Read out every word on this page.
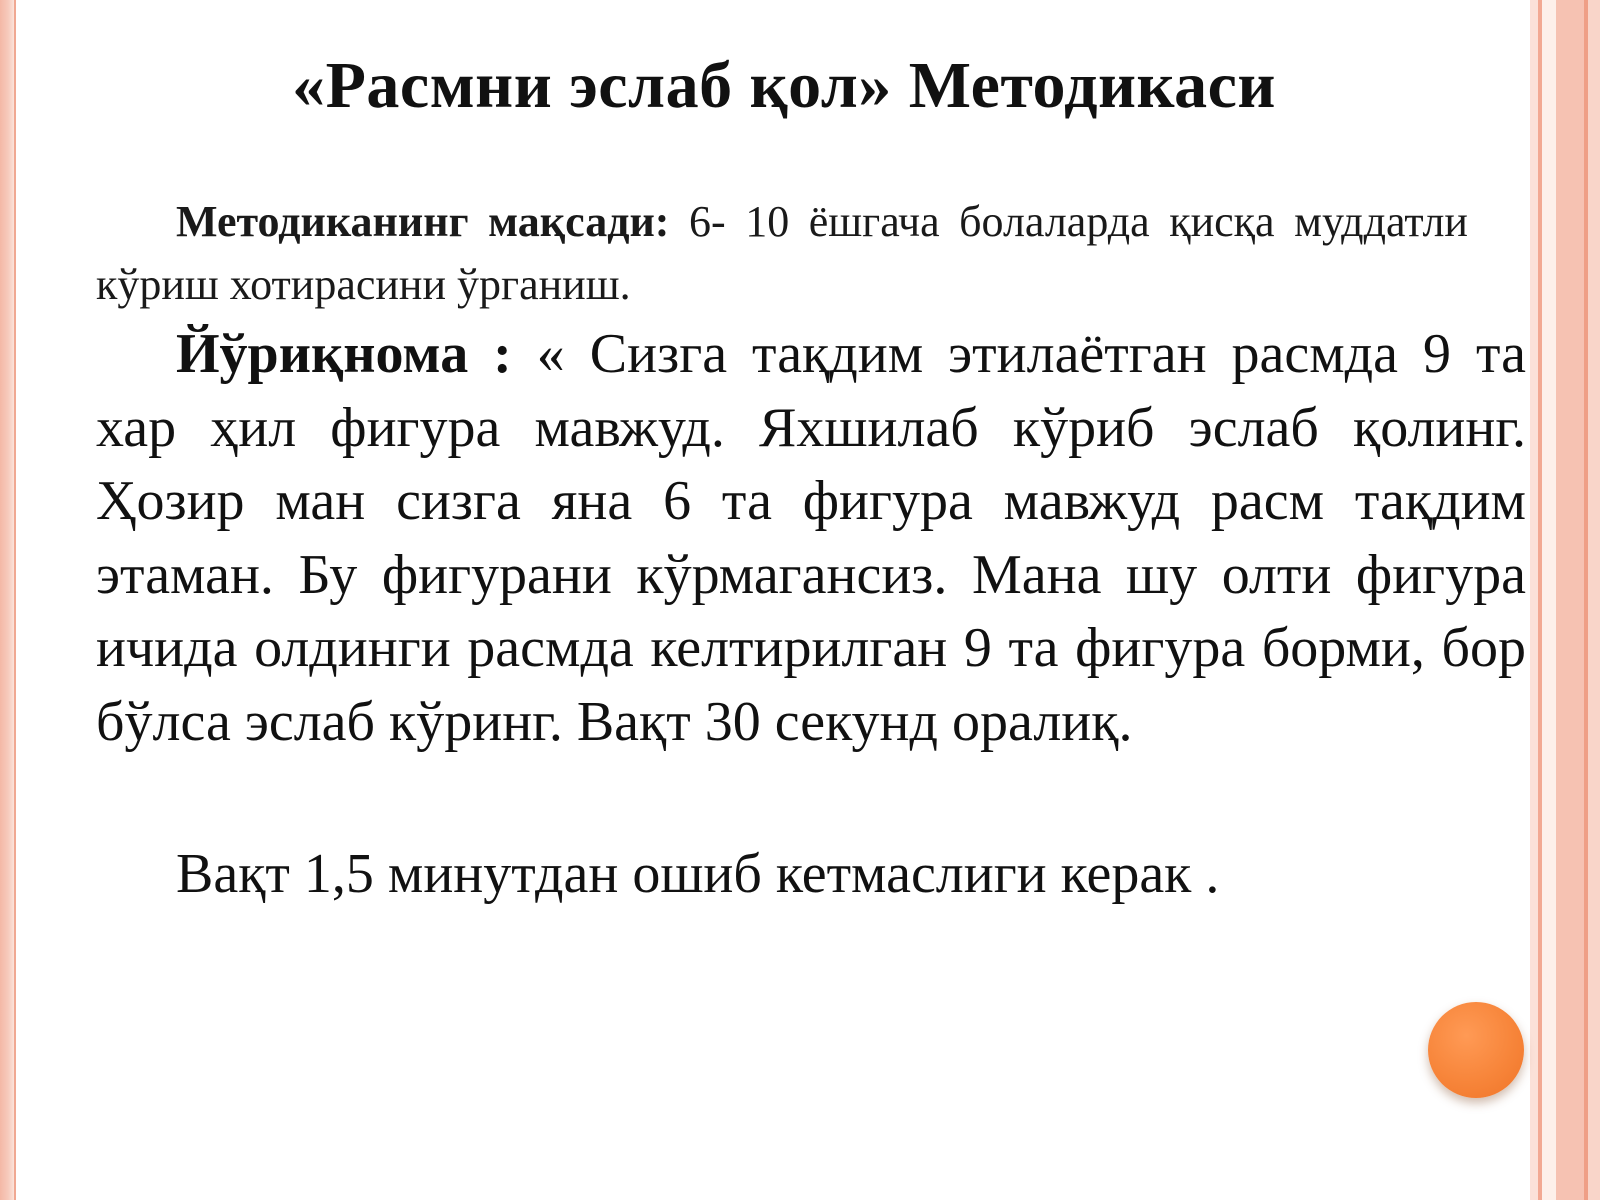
«Расмни эслаб қол» Методикаси
Методиканинг мақсади: 6- 10 ёшгача болаларда қисқа муддатли кўриш хотирасини ўрганиш.
Йўриқнома : « Сизга тақдим этилаётган расмда 9 та хар ҳил фигура мавжуд. Яхшилаб кўриб эслаб қолинг. Ҳозир ман сизга яна 6 та фигура мавжуд расм тақдим этаман. Бу фигурани кўрмагансиз. Мана шу олти фигура ичида олдинги расмда келтирилган 9 та фигура борми, бор бўлса эслаб кўринг. Вақт 30 секунд оралиқ.
Вақт 1,5 минутдан ошиб кетмаслиги керак .
